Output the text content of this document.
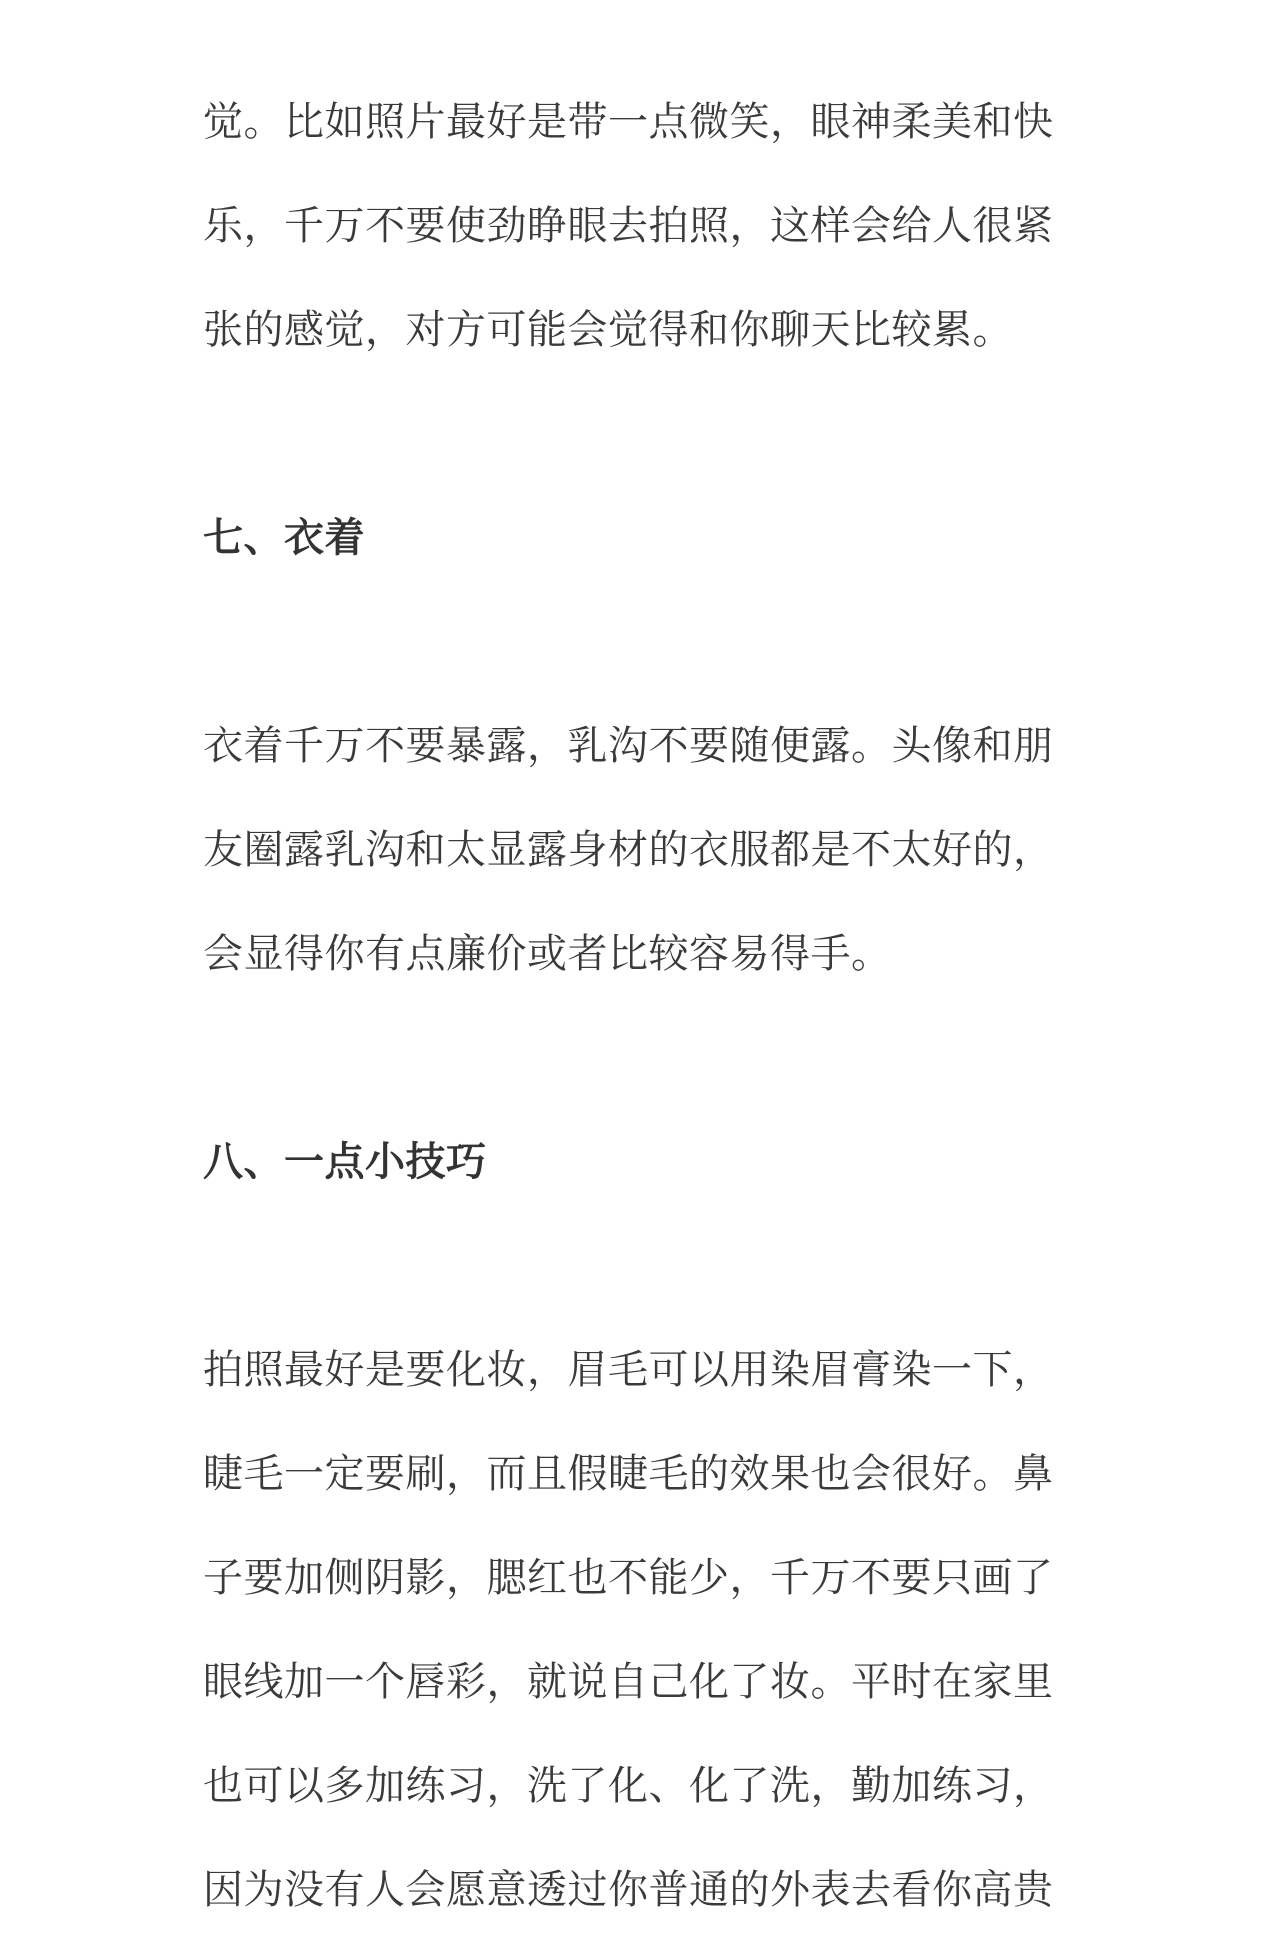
觉。比如照片最好是带一点微笑，眼神柔美和快
乐，千万不要使劲睁眼去拍照，这样会给人很紧
张的感觉，对方可能会觉得和你聊天比较累。
七、衣着
衣着千万不要暴露，乳沟不要随便露。头像和朋
友圈露乳沟和太显露身材的衣服都是不太好的，
会显得你有点廉价或者比较容易得手。
八、一点小技巧
拍照最好是要化妆，眉毛可以用染眉膏染一下，
睫毛一定要刷，而且假睫毛的效果也会很好。鼻
子要加侧阴影，腮红也不能少，千万不要只画了
眼线加一个唇彩，就说自己化了妆。平时在家里
也可以多加练习，洗了化、化了洗，勤加练习，
因为没有人会愿意透过你普通的外表去看你高贵
